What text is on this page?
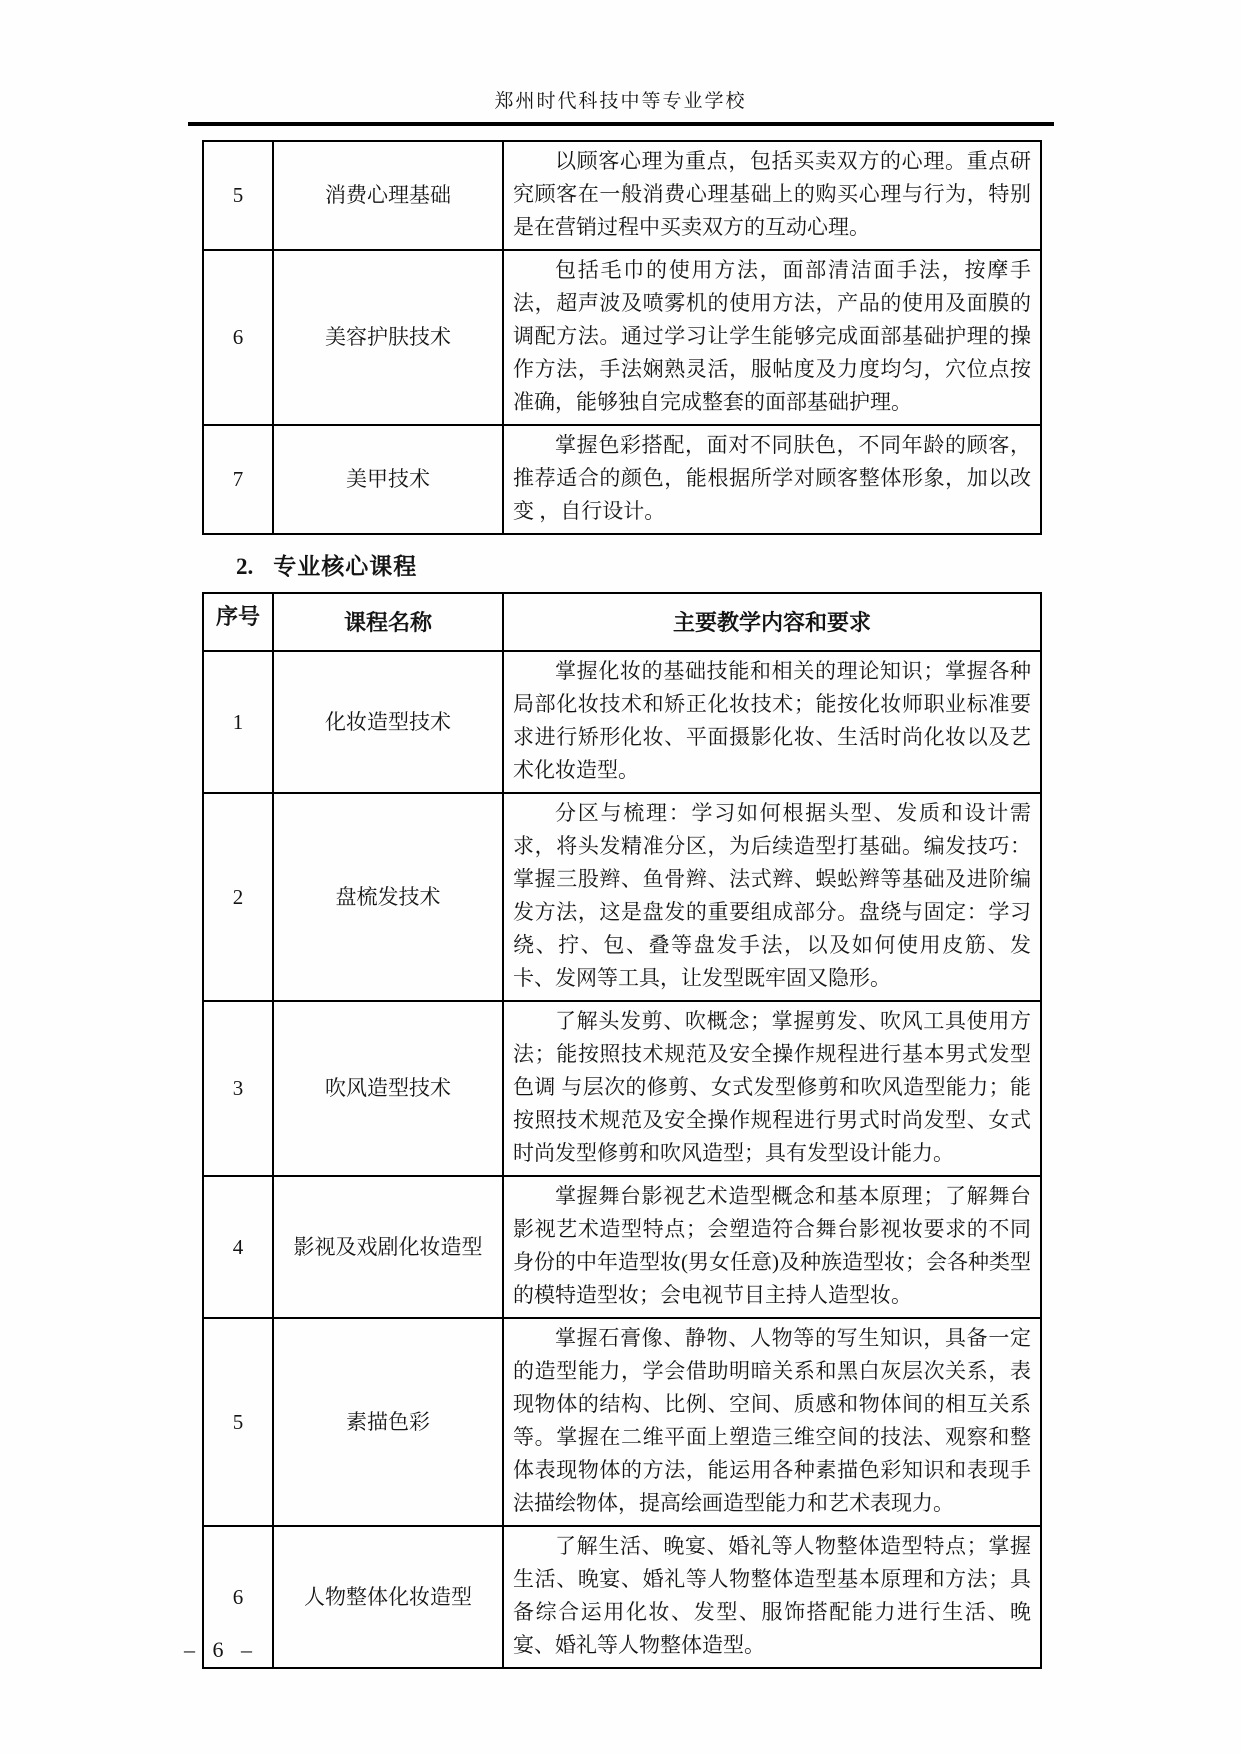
郑州时代科技中等专业学校
5	消费心理基础	以顾客心理为重点，包括买卖双方的心理。重点研究顾客在一般消费心理基础上的购买心理与行为，特别是在营销过程中买卖双方的互动心理。
6	美容护肤技术	包括毛巾的使用方法，面部清洁面手法，按摩手法，超声波及喷雾机的使用方法，产品的使用及面膜的调配方法。通过学习让学生能够完成面部基础护理的操作方法，手法娴熟灵活，服帖度及力度均匀，穴位点按准确，能够独自完成整套的面部基础护理。
7	美甲技术	掌握色彩搭配，面对不同肤色，不同年龄的顾客，推荐适合的颜色，能根据所学对顾客整体形象，加以改变 ，自行设计。
2. 专业核心课程
序号	课程名称	主要教学内容和要求
1	化妆造型技术	掌握化妆的基础技能和相关的理论知识；掌握各种局部化妆技术和矫正化妆技术；能按化妆师职业标准要求进行矫形化妆、平面摄影化妆、生活时尚化妆以及艺术化妆造型。
2	盘梳发技术	分区与梳理：学习如何根据头型、发质和设计需求，将头发精准分区，为后续造型打基础。编发技巧：掌握三股辫、鱼骨辫、法式辫、蜈蚣辫等基础及进阶编发方法，这是盘发的重要组成部分。盘绕与固定：学习绕、拧、包、叠等盘发手法，以及如何使用皮筋、发卡、发网等工具，让发型既牢固又隐形。
3	吹风造型技术	了解头发剪、吹概念；掌握剪发、吹风工具使用方法；能按照技术规范及安全操作规程进行基本男式发型色调 与层次的修剪、女式发型修剪和吹风造型能力；能按照技术规范及安全操作规程进行男式时尚发型、女式时尚发型修剪和吹风造型；具有发型设计能力。
4	影视及戏剧化妆造型	掌握舞台影视艺术造型概念和基本原理；了解舞台影视艺术造型特点；会塑造符合舞台影视妆要求的不同身份的中年造型妆(男女任意)及种族造型妆；会各种类型的模特造型妆；会电视节目主持人造型妆。
5	素描色彩	掌握石膏像、静物、人物等的写生知识，具备一定的造型能力，学会借助明暗关系和黑白灰层次关系，表现物体的结构、比例、空间、质感和物体间的相互关系等。掌握在二维平面上塑造三维空间的技法、观察和整体表现物体的方法，能运用各种素描色彩知识和表现手法描绘物体，提高绘画造型能力和艺术表现力。
6	人物整体化妆造型	了解生活、晚宴、婚礼等人物整体造型特点；掌握生活、晚宴、婚礼等人物整体造型基本原理和方法；具备综合运用化妆、发型、服饰搭配能力进行生活、晚宴、婚礼等人物整体造型。
– 6 –
